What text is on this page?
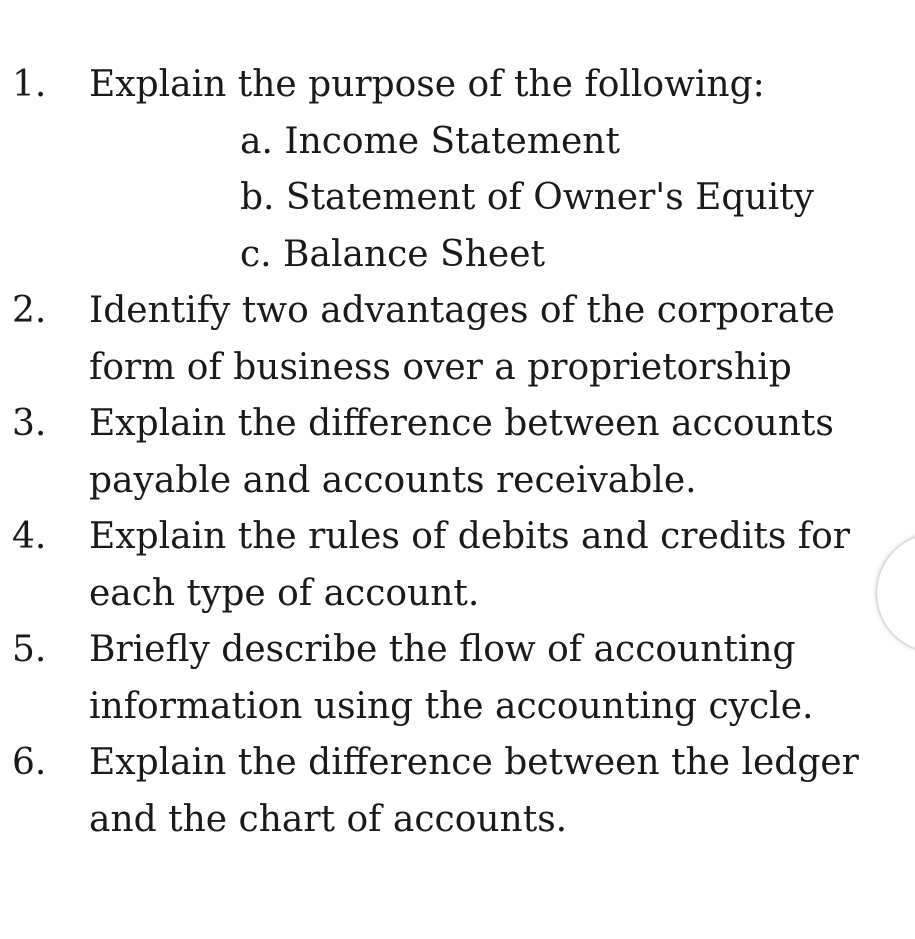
1. Explain the purpose of the following:
a. Income Statement
b. Statement of Owner's Equity
c. Balance Sheet
2. Identify two advantages of the corporate
form of business over a proprietorship
3. Explain the difference between accounts
payable and accounts receivable.
4. Explain the rules of debits and credits for
each type of account.
5. Briefly describe the flow of accounting
information using the accounting cycle.
6. Explain the difference between the ledger
and the chart of accounts.
